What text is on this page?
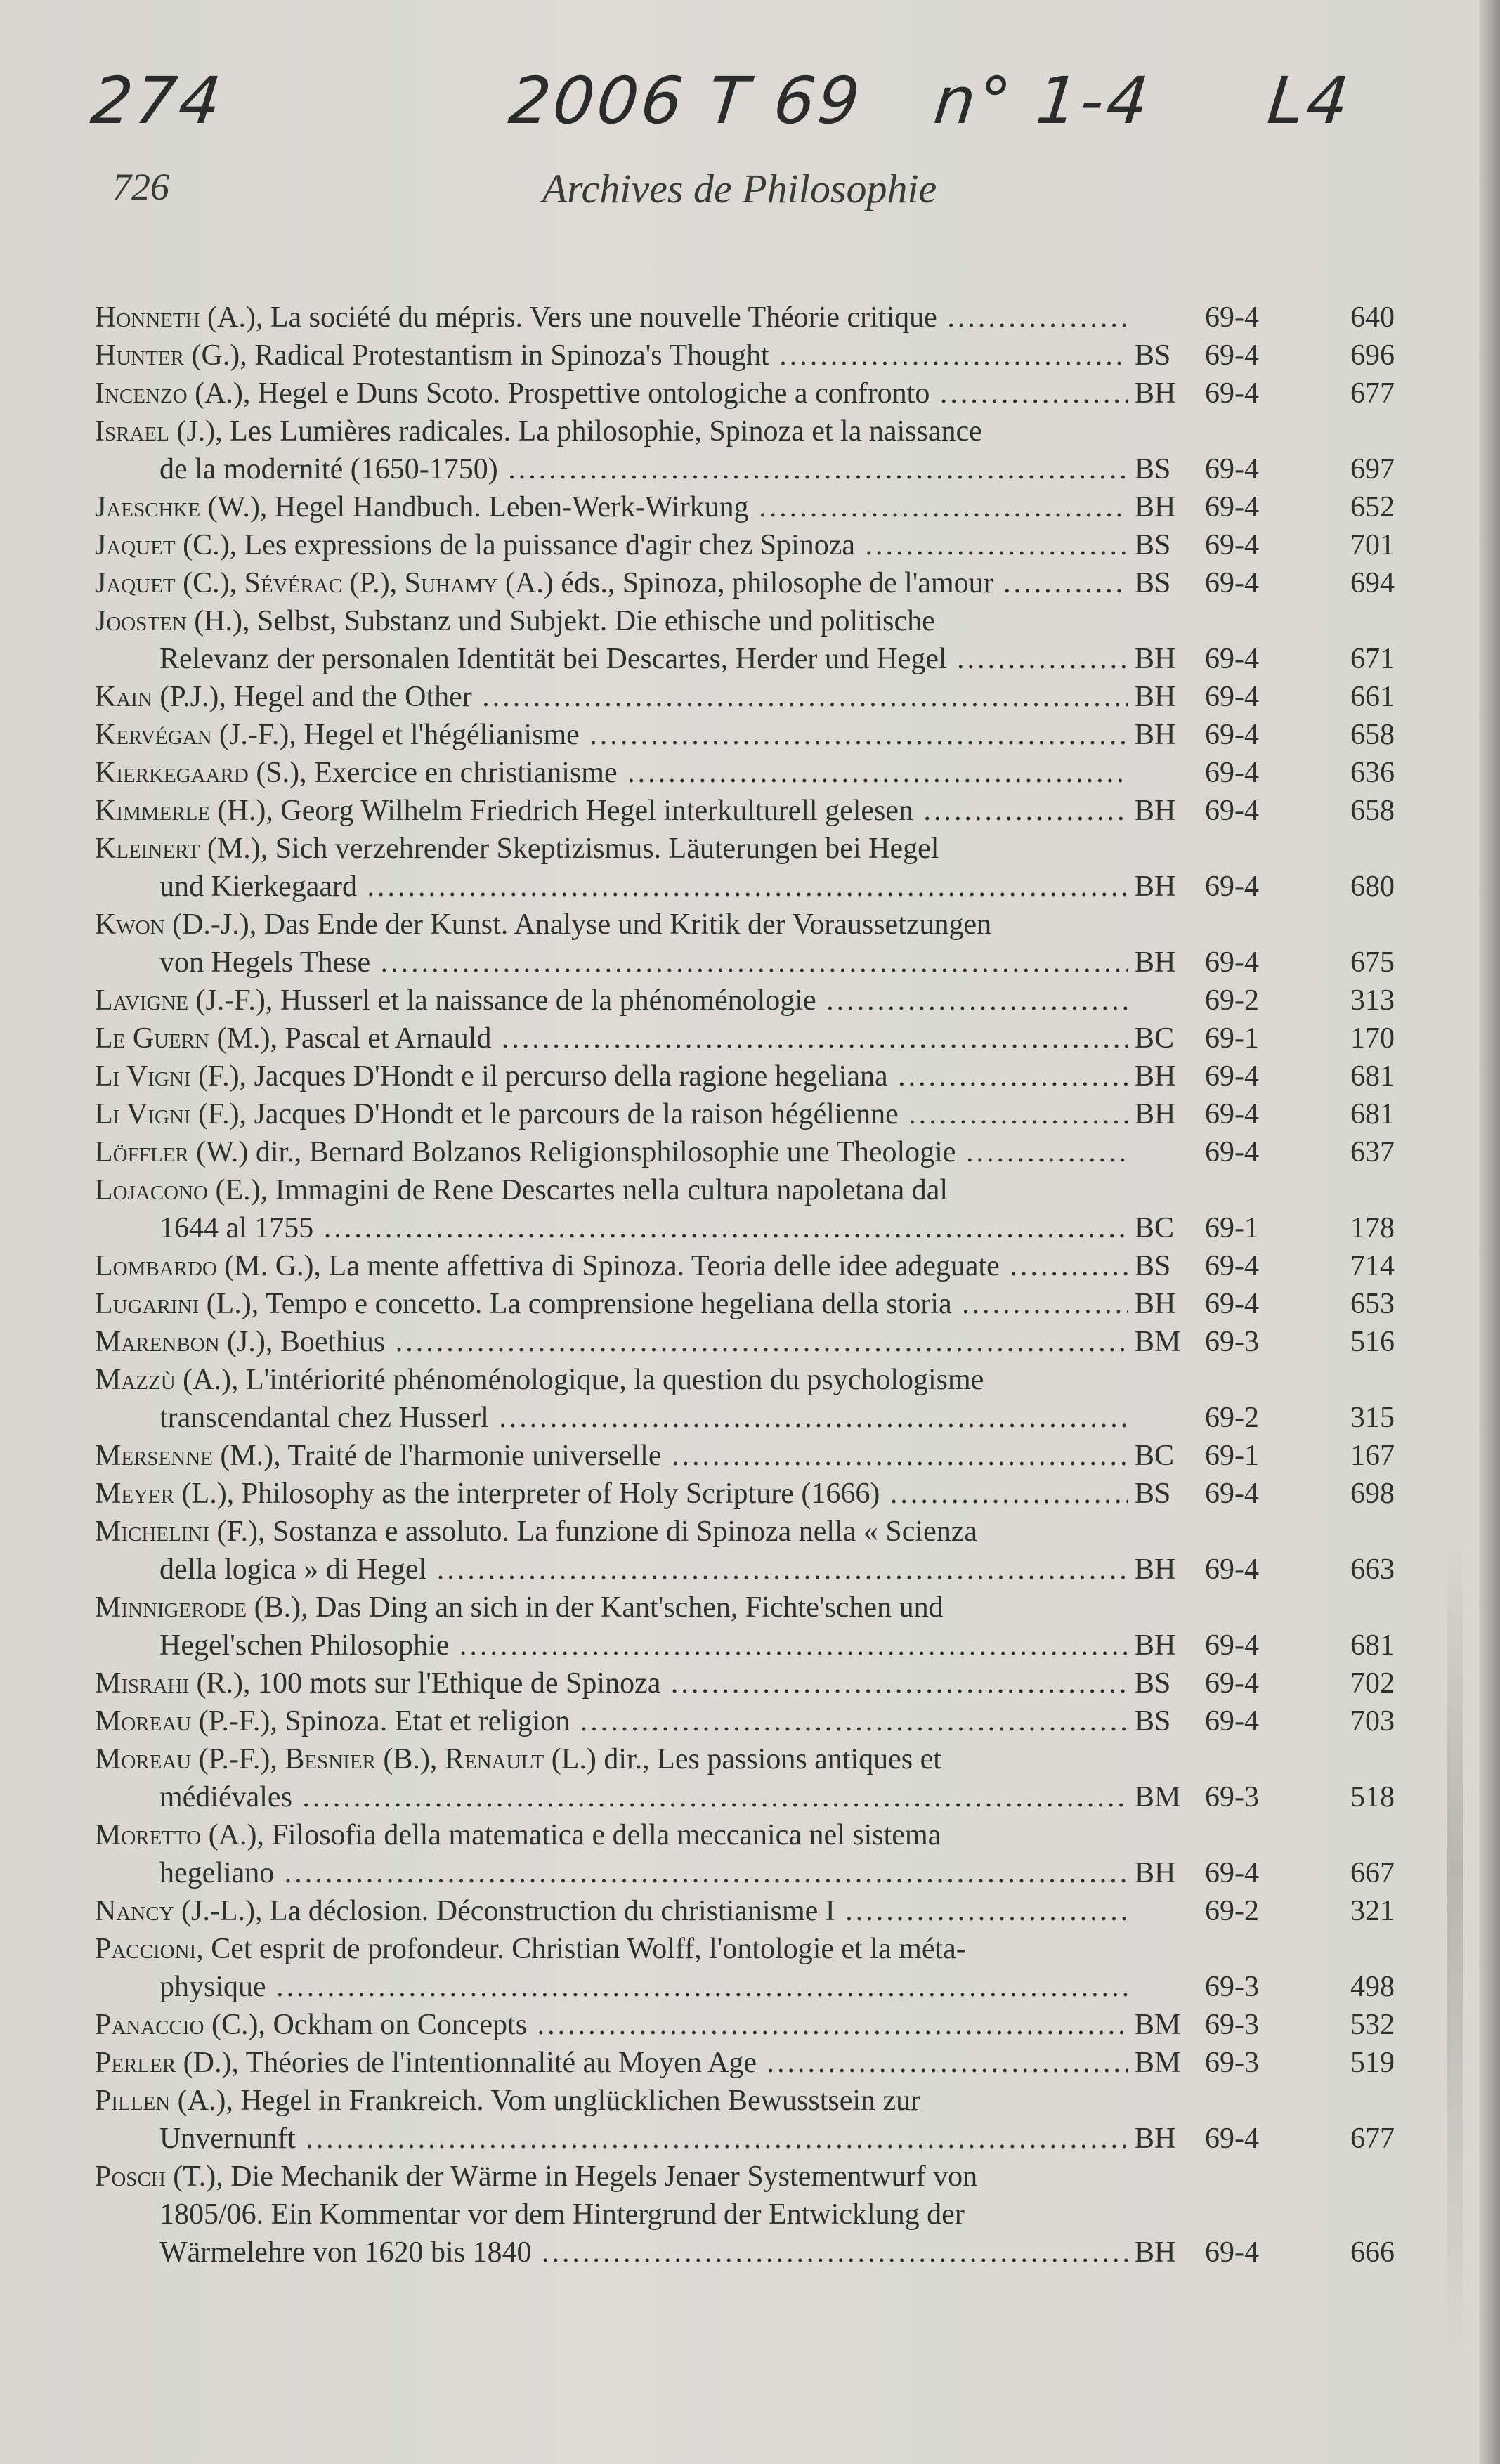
274	2006 T 69 n° 1-4 L4
726	Archives de Philosophie
Honneth (A.), La société du mépris. Vers une nouvelle Théorie critique .....	69-4	640
Hunter (G.), Radical Protestantism in Spinoza's Thought .....	BS	69-4	696
Incenzo (A.), Hegel e Duns Scoto. Prospettive ontologiche a confronto .....	BH 69-4	677
Israel (J.), Les Lumières radicales. La philosophie, Spinoza et la naissance
de la modernité (1650-1750) .....	BS	69-4	697
Jaeschke (W.), Hegel Handbuch. Leben-Werk-Wirkung .....	BH 69-4	652
Jaquet (C.), Les expressions de la puissance d'agir chez Spinoza .....	BS	69-4	701
Jaquet (C.), Sévérac (P.), Suhamy (A.) éds., Spinoza, philosophe de l'amour .....	BS	69-4	694
Joosten (H.), Selbst, Substanz und Subjekt. Die ethische und politische
Relevanz der personalen Identität bei Descartes, Herder und Hegel .....	BH 69-4	671
Kain (P.J.), Hegel and the Other .....	BH 69-4	661
Kervégan (J.-F.), Hegel et l'hégélianisme .....	BH 69-4	658
Kierkegaard (S.), Exercice en christianisme .....	69-4	636
Kimmerle (H.), Georg Wilhelm Friedrich Hegel interkulturell gelesen .....	BH 69-4	658
Kleinert (M.), Sich verzehrender Skeptizismus. Läuterungen bei Hegel
und Kierkegaard .....	BH 69-4	680
Kwon (D.-J.), Das Ende der Kunst. Analyse und Kritik der Voraussetzungen
von Hegels These .....	BH 69-4	675
Lavigne (J.-F.), Husserl et la naissance de la phénoménologie .....	69-2	313
Le Guern (M.), Pascal et Arnauld .....	BC	69-1	170
Li Vigni (F.), Jacques D'Hondt e il percurso della ragione hegeliana .....	BH 69-4	681
Li Vigni (F.), Jacques D'Hondt et le parcours de la raison hégélienne .....	BH 69-4	681
Löffler (W.) dir., Bernard Bolzanos Religionsphilosophie une Theologie .....	69-4	637
Lojacono (E.), Immagini de Rene Descartes nella cultura napoletana dal
1644 al 1755 .....	BC	69-1	178
Lombardo (M. G.), La mente affettiva di Spinoza. Teoria delle idee adeguate .....	BS	69-4	714
Lugarini (L.), Tempo e concetto. La comprensione hegeliana della storia .....	BH 69-4	653
Marenbon (J.), Boethius .....	BM 69-3	516
Mazzù (A.), L'intériorité phénoménologique, la question du psychologisme
transcendantal chez Husserl .....	69-2	315
Mersenne (M.), Traité de l'harmonie universelle .....	BC	69-1	167
Meyer (L.), Philosophy as the interpreter of Holy Scripture (1666) .....	BS	69-4	698
Michelini (F.), Sostanza e assoluto. La funzione di Spinoza nella « Scienza
della logica » di Hegel .....	BH 69-4	663
Minnigerode (B.), Das Ding an sich in der Kant'schen, Fichte'schen und
Hegel'schen Philosophie .....	BH 69-4	681
Misrahi (R.), 100 mots sur l'Ethique de Spinoza .....	BS	69-4	702
Moreau (P.-F.), Spinoza. Etat et religion .....	BS	69-4	703
Moreau (P.-F.), Besnier (B.), Renault (L.) dir., Les passions antiques et
médiévales .....	BM 69-3	518
Moretto (A.), Filosofia della matematica e della meccanica nel sistema
hegeliano .....	BH 69-4	667
Nancy (J.-L.), La déclosion. Déconstruction du christianisme I .....	69-2	321
Paccioni, Cet esprit de profondeur. Christian Wolff, l'ontologie et la méta-
physique .....	69-3	498
Panaccio (C.), Ockham on Concepts .....	BM 69-3	532
Perler (D.), Théories de l'intentionnalité au Moyen Age .....	BM 69-3	519
Pillen (A.), Hegel in Frankreich. Vom unglücklichen Bewusstsein zur
Unvernunft .....	BH 69-4	677
Posch (T.), Die Mechanik der Wärme in Hegels Jenaer Systementwurf von
1805/06. Ein Kommentar vor dem Hintergrund der Entwicklung der
Wärmelehre von 1620 bis 1840 .....	BH 69-4	666
